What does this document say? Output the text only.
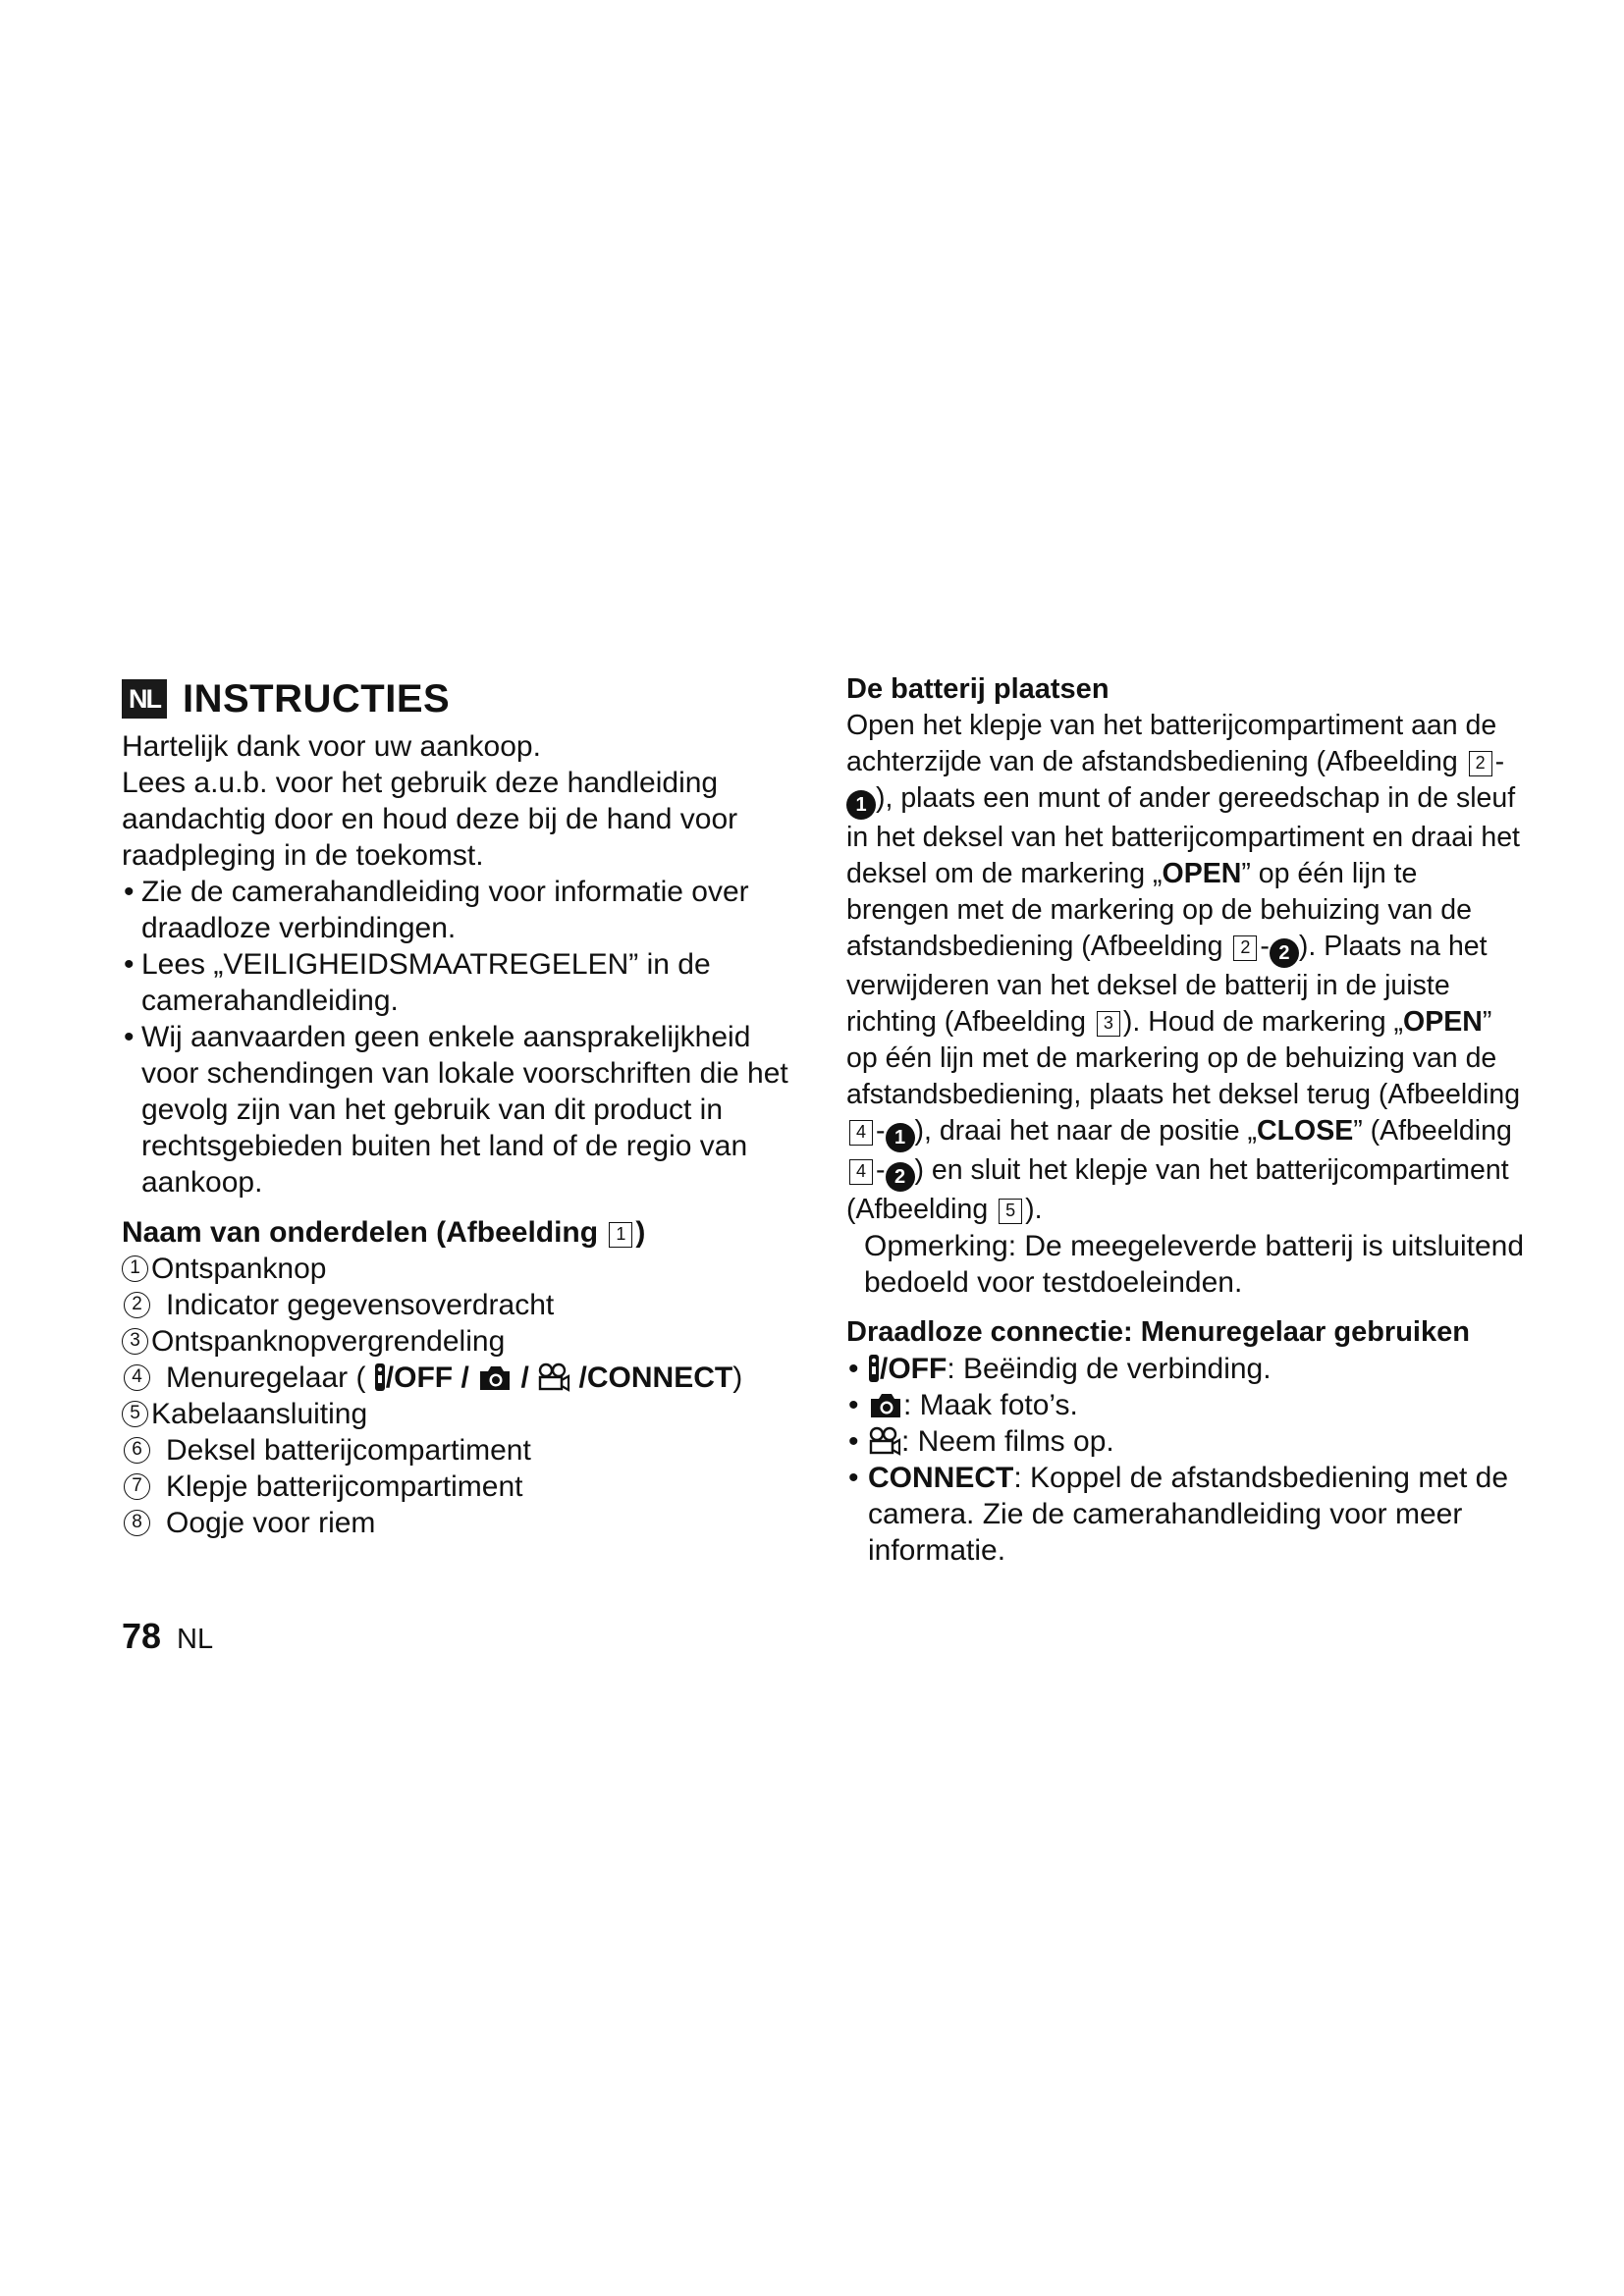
NL INSTRUCTIES

Hartelijk dank voor uw aankoop.

Lees a.u.b. voor het gebruik deze handleiding aandachtig door en houd deze bij de hand voor raadpleging in de toekomst.

• Zie de camerahandleiding voor informatie over draadloze verbindingen.
• Lees „VEILIGHEIDSMAATREGELEN” in de camerahandleiding.
• Wij aanvaarden geen enkele aansprakelijkheid voor schendingen van lokale voorschriften die het gevolg zijn van het gebruik van dit product in rechtsgebieden buiten het land of de regio van aankoop.
Naam van onderdelen (Afbeelding 1 )
1 Ontspanknop
2 Indicator gegevensoverdracht
3 Ontspanknopvergrendeling
4 Menuregelaar ( /OFF / / /CONNECT)
5 Kabelaansluiting
6 Deksel batterijcompartiment
7 Klepje batterijcompartiment
8 Oogje voor riem

De batterij plaatsen

Open het klepje van het batterijcompartiment aan de achterzijde van de afstandsbediening (Afbeelding 2 -1 ), plaats een munt of ander gereedschap in de sleuf in het deksel van het batterijcompartiment en draai het deksel om de markering „OPEN” op één lijn te brengen met de markering op de behuizing van de afstandsbediening (Afbeelding 2 - 2 ). Plaats na het verwijderen van het deksel de batterij in de juiste richting (Afbeelding 3 ). Houd de markering „OPEN” op één lijn met de markering op de behuizing van de afstandsbediening, plaats het deksel terug (Afbeelding 4 - 1 ), draai het naar de positie „CLOSE” (Afbeelding 4 - 2 ) en sluit het klepje van het batterijcompartiment (Afbeelding 5 ).

Opmerking: De meegeleverde batterij is uitsluitend bedoeld voor testdoeleinden.

Draadloze connectie: Menuregelaar gebruiken

• /OFF: Beëindig de verbinding.
• : Maak foto’s.
• : Neem films op.
• CONNECT: Koppel de afstandsbediening met de camera. Zie de camerahandleiding voor meer informatie.
78 NL
